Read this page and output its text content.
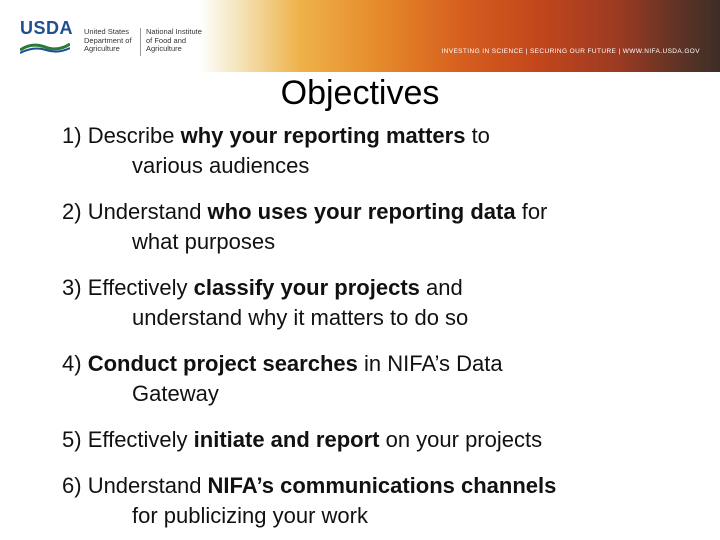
USDA United States Department of Agriculture
National Institute of Food and Agriculture	INVESTING IN SCIENCE | SECURING OUR FUTURE | WWW.NIFA.USDA.GOV
Objectives

1) Describe why your reporting matters to
various audiences

2) Understand who uses your reporting data for
what purposes

3) Effectively classify your projects and
understand why it matters to do so

4) Conduct project searches in NIFA’s Data
Gateway

5) Effectively initiate and report on your projects

6) Understand NIFA’s communications channels
for publicizing your work
